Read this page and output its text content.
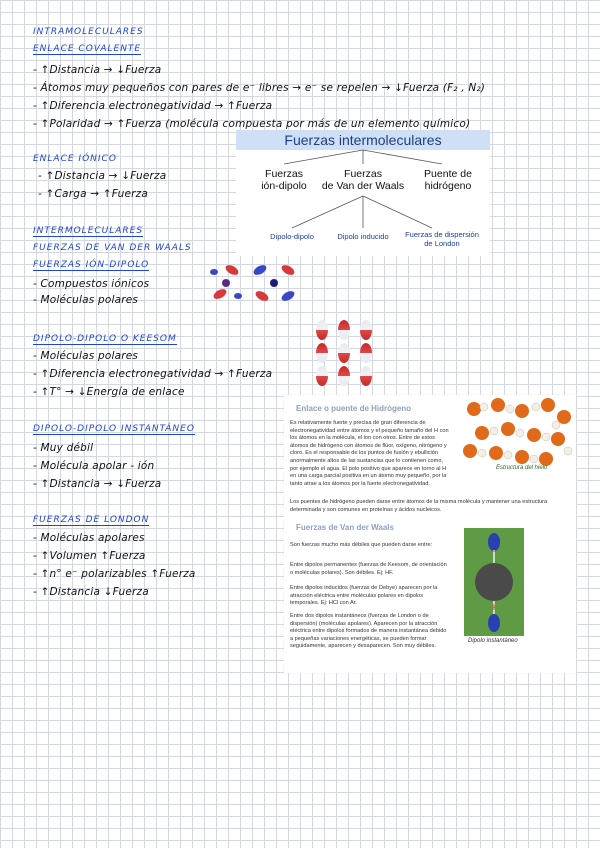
INTRAMOLECULARES
ENLACE COVALENTE
- ↑Distancia → ↓Fuerza
- Átomos muy pequeños con pares de e⁻ libres → e⁻ se repelen → ↓Fuerza (F₂ , N₂)
- ↑Diferencia electronegatividad → ↑Fuerza
- ↑Polaridad → ↑Fuerza (molécula compuesta por más de un elemento químico)
ENLACE IÓNICO
- ↑Distancia → ↓Fuerza
- ↑Carga → ↑Fuerza
INTERMOLECULARES
FUERZAS DE VAN DER WAALS
FUERZAS IÓN-DIPOLO
- Compuestos iónicos
- Moléculas polares
DIPOLO-DIPOLO O KEESOM
- Moléculas polares
- ↑Diferencia electronegatividad → ↑Fuerza
- ↑T° → ↓Energía de enlace
DIPOLO-DIPOLO INSTANTÁNEO
- Muy débil
- Molécula apolar - ión
- ↑Distancia → ↓Fuerza
FUERZAS DE LONDON
- Moléculas apolares
- ↑Volumen ↑Fuerza
- ↑n° e⁻ polarizables ↑Fuerza
- ↑Distancia ↓Fuerza
Fuerzas intermoleculares
Fuerzas
ión-dipolo
Fuerzas
de Van der Waals
Puente de
hidrógeno
Dipolo-dipolo	Dipolo inducido	Fuerzas de dispersión
de London
Enlace o puente de Hidrógeno
Es relativamente fuerte y precisa de gran diferencia de electronegatividad entre átomos y el pequeño tamaño del H con los átomos en la molécula, el ion con otros. Entre de estos átomos de hidrógeno con átomos de flúor, oxígeno, nitrógeno y cloro. Es el responsable de los puntos de fusión y ebullición anormalmente altos de las sustancias que lo contienen como, por ejemplo el agua. El polo positivo que aparece en torno al H en una carga parcial positiva en un átomo muy pequeño, por la tanto atrae a los átomos por la fuerte electronegatividad.
Estructura del hielo
Los puentes de hidrógeno pueden darse entre átomos de la misma molécula y mantener una estructura determinada y son comunes en proteínas y ácidos nucleicos.
Fuerzas de Van der Waals
Son fuerzas mucho más débiles que pueden darse entre:
Entre dipolos permanentes (fuerzas de Keesom, de orientación o moléculas polares). Son débiles. Ej: HF.
Entre dipolos inducidos (fuerzas de Debye) aparecen por la atracción eléctrica entre moléculas polares en dipolos temporales. Ej: HCl con Ar.
Entre dos dipolos instantáneos (fuerzas de London o de dispersión) (moléculas apolares). Aparecen por la atracción eléctrica entre dipolos formados de manera instantánea debido a pequeñas variaciones energéticas, se pueden formar seguidamente, aparecen y desaparecen. Son muy débiles.
−
+
Dipolo instantáneo
